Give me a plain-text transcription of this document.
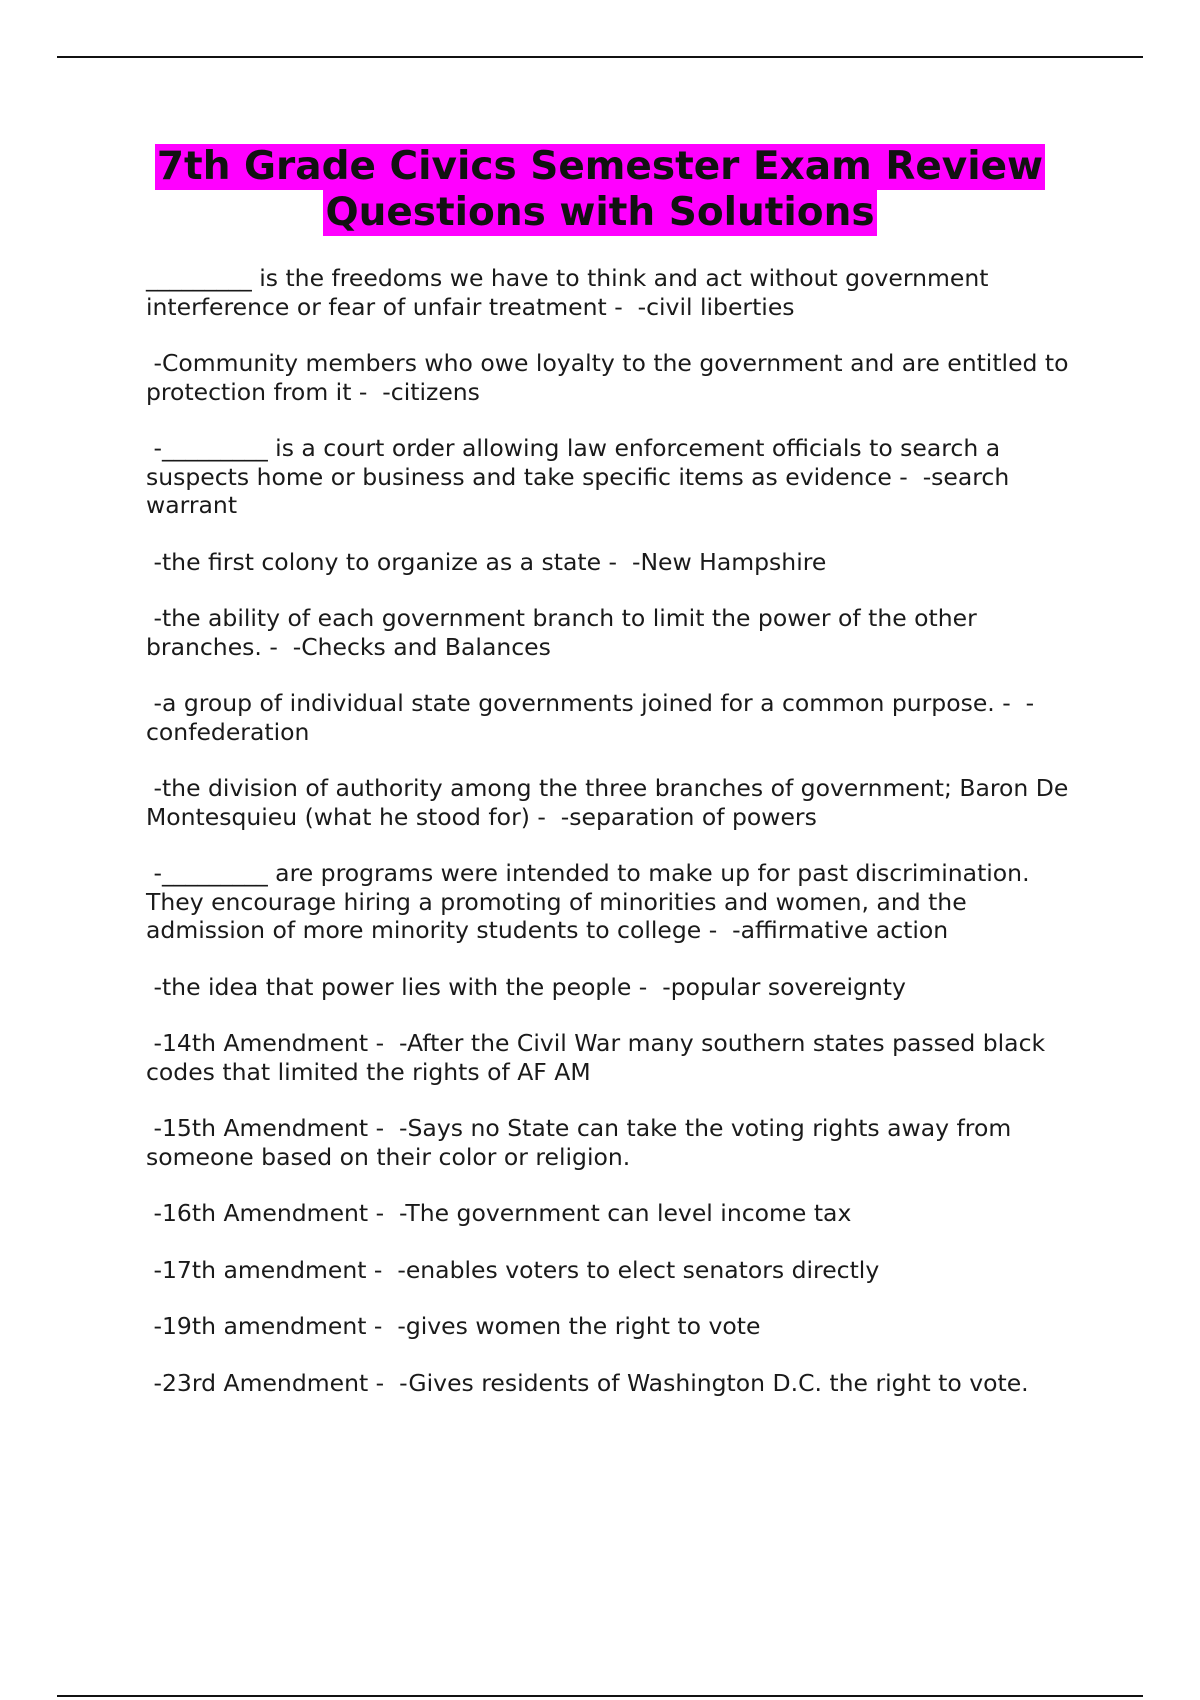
7th Grade Civics Semester Exam Review
Questions with Solutions
_________ is the freedoms we have to think and act without government interference or fear of unfair treatment -  -civil liberties
-Community members who owe loyalty to the government and are entitled to protection from it -  -citizens
-_________ is a court order allowing law enforcement officials to search a suspects home or business and take specific items as evidence -  -search warrant
-the first colony to organize as a state -  -New Hampshire
-the ability of each government branch to limit the power of the other branches. -  -Checks and Balances
-a group of individual state governments joined for a common purpose. -  -confederation
-the division of authority among the three branches of government; Baron De Montesquieu (what he stood for) -  -separation of powers
-_________ are programs were intended to make up for past discrimination. They encourage hiring a promoting of minorities and women, and the admission of more minority students to college -  -affirmative action
-the idea that power lies with the people -  -popular sovereignty
-14th Amendment -  -After the Civil War many southern states passed black codes that limited the rights of AF AM
-15th Amendment -  -Says no State can take the voting rights away from someone based on their color or religion.
-16th Amendment -  -The government can level income tax
-17th amendment -  -enables voters to elect senators directly
-19th amendment -  -gives women the right to vote
-23rd Amendment -  -Gives residents of Washington D.C. the right to vote.
